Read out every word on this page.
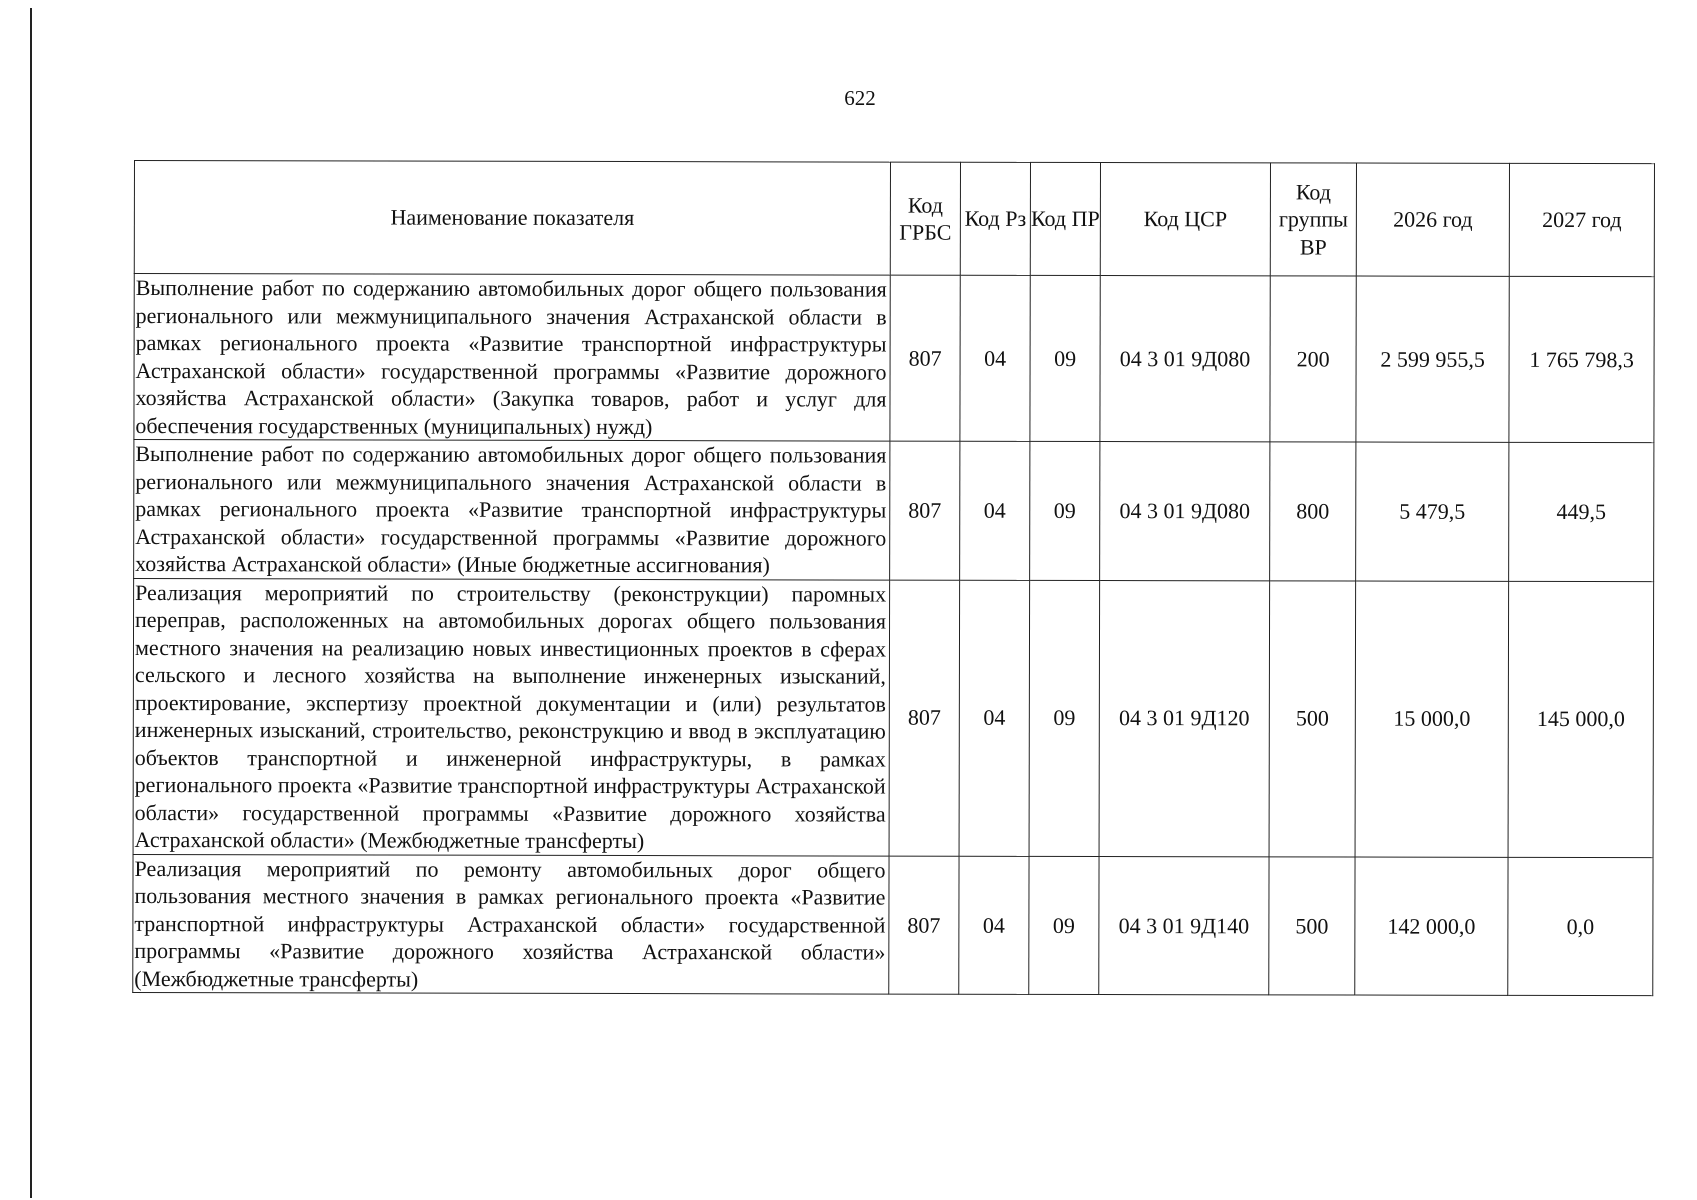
622
Наименование показателя	Код ГРБС	Код Рз	Код ПР	Код ЦСР	Код группы ВР	2026 год	2027 год
Выполнение работ по содержанию автомобильных дорог общего пользования регионального или межмуниципального значения Астраханской области в рамках регионального проекта «Развитие транспортной инфраструктуры Астраханской области» государственной программы «Развитие дорожного хозяйства Астраханской области» (Закупка товаров, работ и услуг для обеспечения государственных (муниципальных) нужд)	807	04	09	04 3 01 9Д080	200	2 599 955,5	1 765 798,3
Выполнение работ по содержанию автомобильных дорог общего пользования регионального или межмуниципального значения Астраханской области в рамках регионального проекта «Развитие транспортной инфраструктуры Астраханской области» государственной программы «Развитие дорожного хозяйства Астраханской области» (Иные бюджетные ассигнования)	807	04	09	04 3 01 9Д080	800	5 479,5	449,5
Реализация мероприятий по строительству (реконструкции) паромных переправ, расположенных на автомобильных дорогах общего пользования местного значения на реализацию новых инвестиционных проектов в сферах сельского и лесного хозяйства на выполнение инженерных изысканий, проектирование, экспертизу проектной документации и (или) результатов инженерных изысканий, строительство, реконструкцию и ввод в эксплуатацию объектов транспортной и инженерной инфраструктуры, в рамках регионального проекта «Развитие транспортной инфраструктуры Астраханской области» государственной программы «Развитие дорожного хозяйства Астраханской области» (Межбюджетные трансферты)	807	04	09	04 3 01 9Д120	500	15 000,0	145 000,0
Реализация мероприятий по ремонту автомобильных дорог общего пользования местного значения в рамках регионального проекта «Развитие транспортной инфраструктуры Астраханской области» государственной программы «Развитие дорожного хозяйства Астраханской области» (Межбюджетные трансферты)	807	04	09	04 3 01 9Д140	500	142 000,0	0,0
